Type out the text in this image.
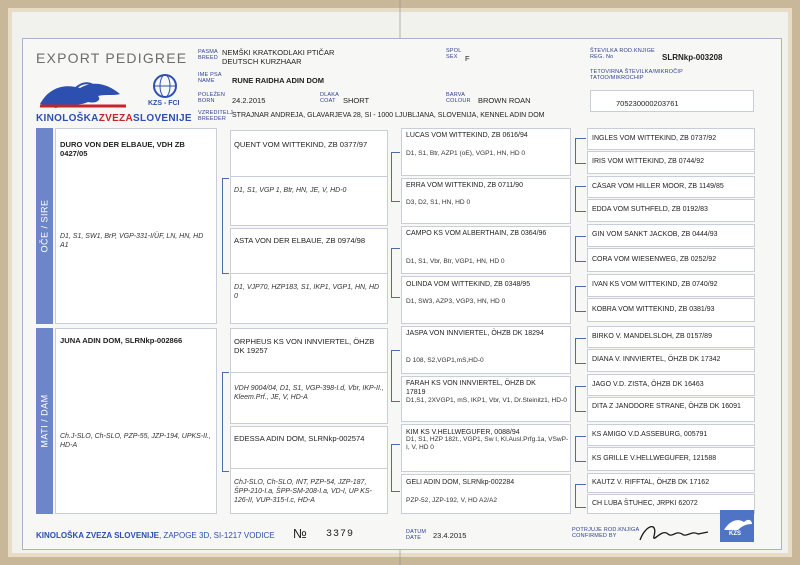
EXPORT PEDIGREE
KZS - FCI
KINOLOŠKAZVEZASLOVENIJE
PASMA
BREED
NEMŠKI KRATKODLAKI PTIČAR
DEUTSCH KURZHAAR
IME PSA
NAME	RUNE RAIDHA ADIN DOM
POLEŽEN
BORN	24.2.2015
DLAKA
COAT SHORT
BARVA
COLOUR BROWN ROAN
VZREDITELJ
BREEDER STRAJNAR ANDREJA, GLAVARJEVA 28, SI - 1000 LJUBLJANA, SLOVENIJA, KENNEL ADIN DOM
SPOL
SEX F
ŠTEVILKA ROD.KNJIGE
REG. No	SLRNkp-003208
TETOVIRNA ŠTEVILKA/MIKROČIP
TATOO/MIKROCHIP
705230000203761
OČE / SIRE
MATI / DAM
DURO VON DER ELBAUE, VDH ZB 0427/05
D1, S1, SW1, BrP, VGP-331-I/ÜF, LN, HN, HD A1
JUNA ADIN DOM, SLRNkp-002866
Ch.J-SLO, Ch-SLO, PZP-55, JZP-194, UPKS-II., HD-A
QUENT VOM WITTEKIND, ZB 0377/97
D1, S1, VGP 1, Btr, HN, JE, V, HD-0
ASTA VON DER ELBAUE, ZB 0974/98
D1, VJP70, HZP183, S1, IKP1, VGP1, HN, HD 0
ORPHEUS KS VON INNVIERTEL, ÖHZB DK 19257
VDH 9004/04, D1, S1, VGP-398-I.d, Vbr, IKP-II., Kleem.Prf., JE, V, HD-A
EDESSA ADIN DOM, SLRNkp-002574
ChJ-SLO, Ch-SLO, INT, PZP-54, JZP-187, ŠPP-210-I.a, ŠPP-SM-208-I.a, VD-I, UP KS-126-II, VUP-315-I.c, HD-A
LUCAS VOM WITTEKIND, ZB 0616/94
D1, S1, Btr, AZP1 (oE), VGP1, HN, HD 0
ERRA VOM WITTEKIND, ZB 0711/90
D3, D2, S1, HN, HD 0
CAMPO KS VOM ALBERTHAIN, ZB 0364/96
D1, S1, Vbr, Btr, VGP1, HN, HD 0
OLINDA VOM WITTEKIND, ZB 0348/95
D1, SW3, AZP3, VGP3, HN, HD 0
JASPA VON INNVIERTEL, ÖHZB DK 18294
D 108, S2,VGP1,mS,HD-0
FARAH KS VON INNVIERTEL, ÖHZB DK 17819
D1,S1, 2XVGP1, mS, IKP1, Vbr, V1, Dr.Steinitz1, HD-0
KIM KS V.HELLWEGUFER, 0088/94
D1, S1, HZP 182t., VGP1, Sw I, Kl.Ausl.Prfg.1a, VSwP-I, V, HD 0
GELI ADIN DOM, SLRNkp-002284
PZP-52, JZP-192, V, HD A2/A2
INGLES VOM WITTEKIND, ZB 0737/92
IRIS VOM WITTEKIND, ZB 0744/92
CÄSAR VOM HILLER MOOR, ZB 1149/85
EDDA VOM SUTHFELD, ZB 0192/83
GIN VOM SANKT JACKOB, ZB 0444/93
CORA VOM WIESENWEG, ZB 0252/92
IVAN KS VOM WITTEKIND, ZB 0740/92
KOBRA VOM WITTEKIND, ZB 0381/93
BIRKO V. MANDELSLOH, ZB 0157/89
DIANA V. INNVIERTEL, ÖHZB DK 17342
JAGO V.D. ZISTA, ÖHZB DK 16463
DITA Z JANODORE STRANE, ÖHZB DK 16091
KS AMIGO V.D.ASSEBURG, 005791
KS GRILLE V.HELLWEGUFER, 121588
KAUTZ V. RIFFTAL, ÖHZB DK 17162
CH LUBA ŠTUHEC, JRPKI 62072
KINOLOŠKA ZVEZA SLOVENIJE, ZAPOGE 3D, SI-1217 VODICE № 3379	DATUM
DATE	23.4.2015
POTRJUJE ROD.KNJIGA
CONFIRMED BY	KZS
